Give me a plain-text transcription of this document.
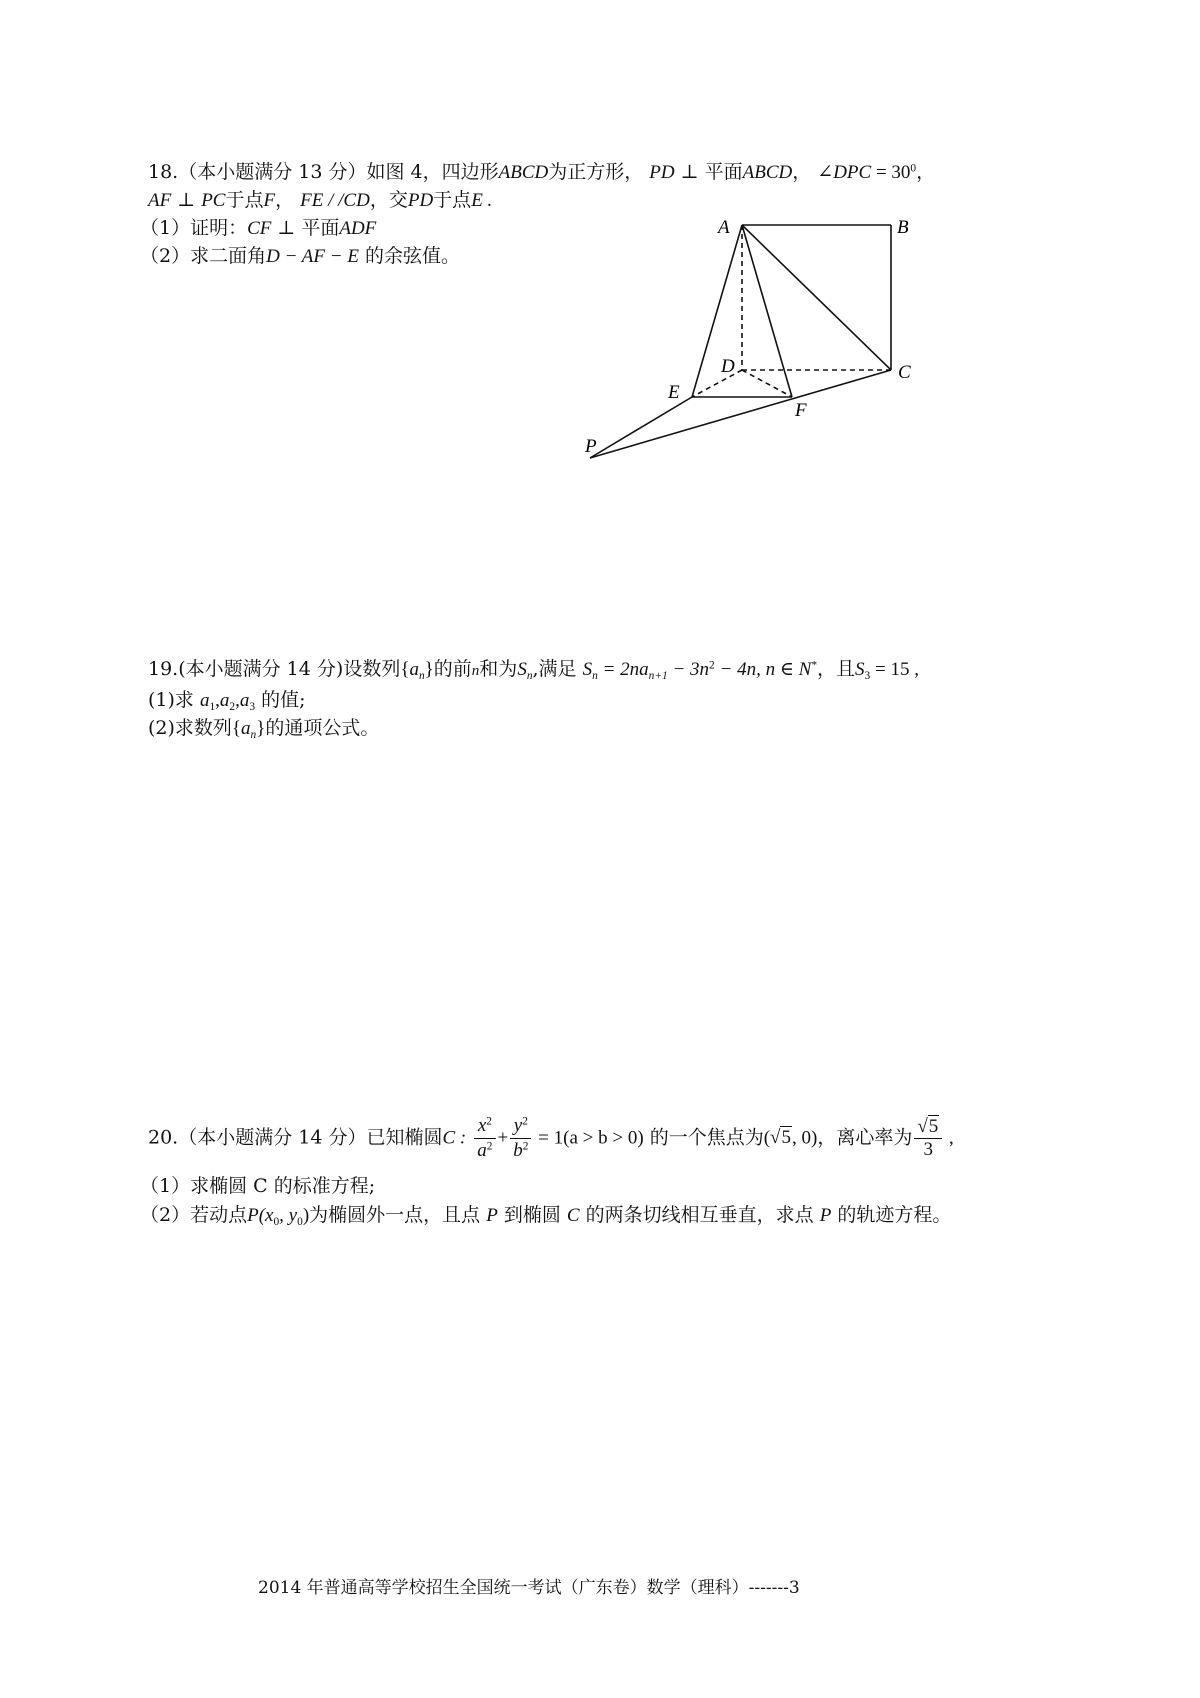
18.（本小题满分 13 分）如图 4，四边形ABCD为正方形， PD ⊥ 平面ABCD， ∠DPC = $30^0$，
AF ⊥ PC于点F， FE / /CD，交PD于点E .
（1）证明：CF ⊥ 平面ADF
（2）求二面角D − AF − E 的余弦值。
A	B
C
D
E
F
P
19.(本小题满分 14 分)设数列$\{a_n\}$的前n和为$S_n$,满足 $S_n = 2na_{n+1} - 3n^2 - 4n$, n ∈ N*，且$S_3 = 15$ ,
(1)求 $a_1,a_2,a_3$ 的值;
(2)求数列$\{a_n\}$的通项公式。
20.（本小题满分 14 分）已知椭圆C : $\frac{x^2}{a^2} + \frac{y^2}{b^2} = 1(a > b > 0)$ 的一个焦点为(√5, 0)，离心率为 $\frac{√5}{3}$ ,
（1）求椭圆 C 的标准方程;
（2）若动点$P(x_0$, $y_0$)为椭圆外一点，且点 P 到椭圆 C 的两条切线相互垂直，求点 P 的轨迹方程。
2014 年普通高等学校招生全国统一考试（广东卷）数学（理科）-------3
